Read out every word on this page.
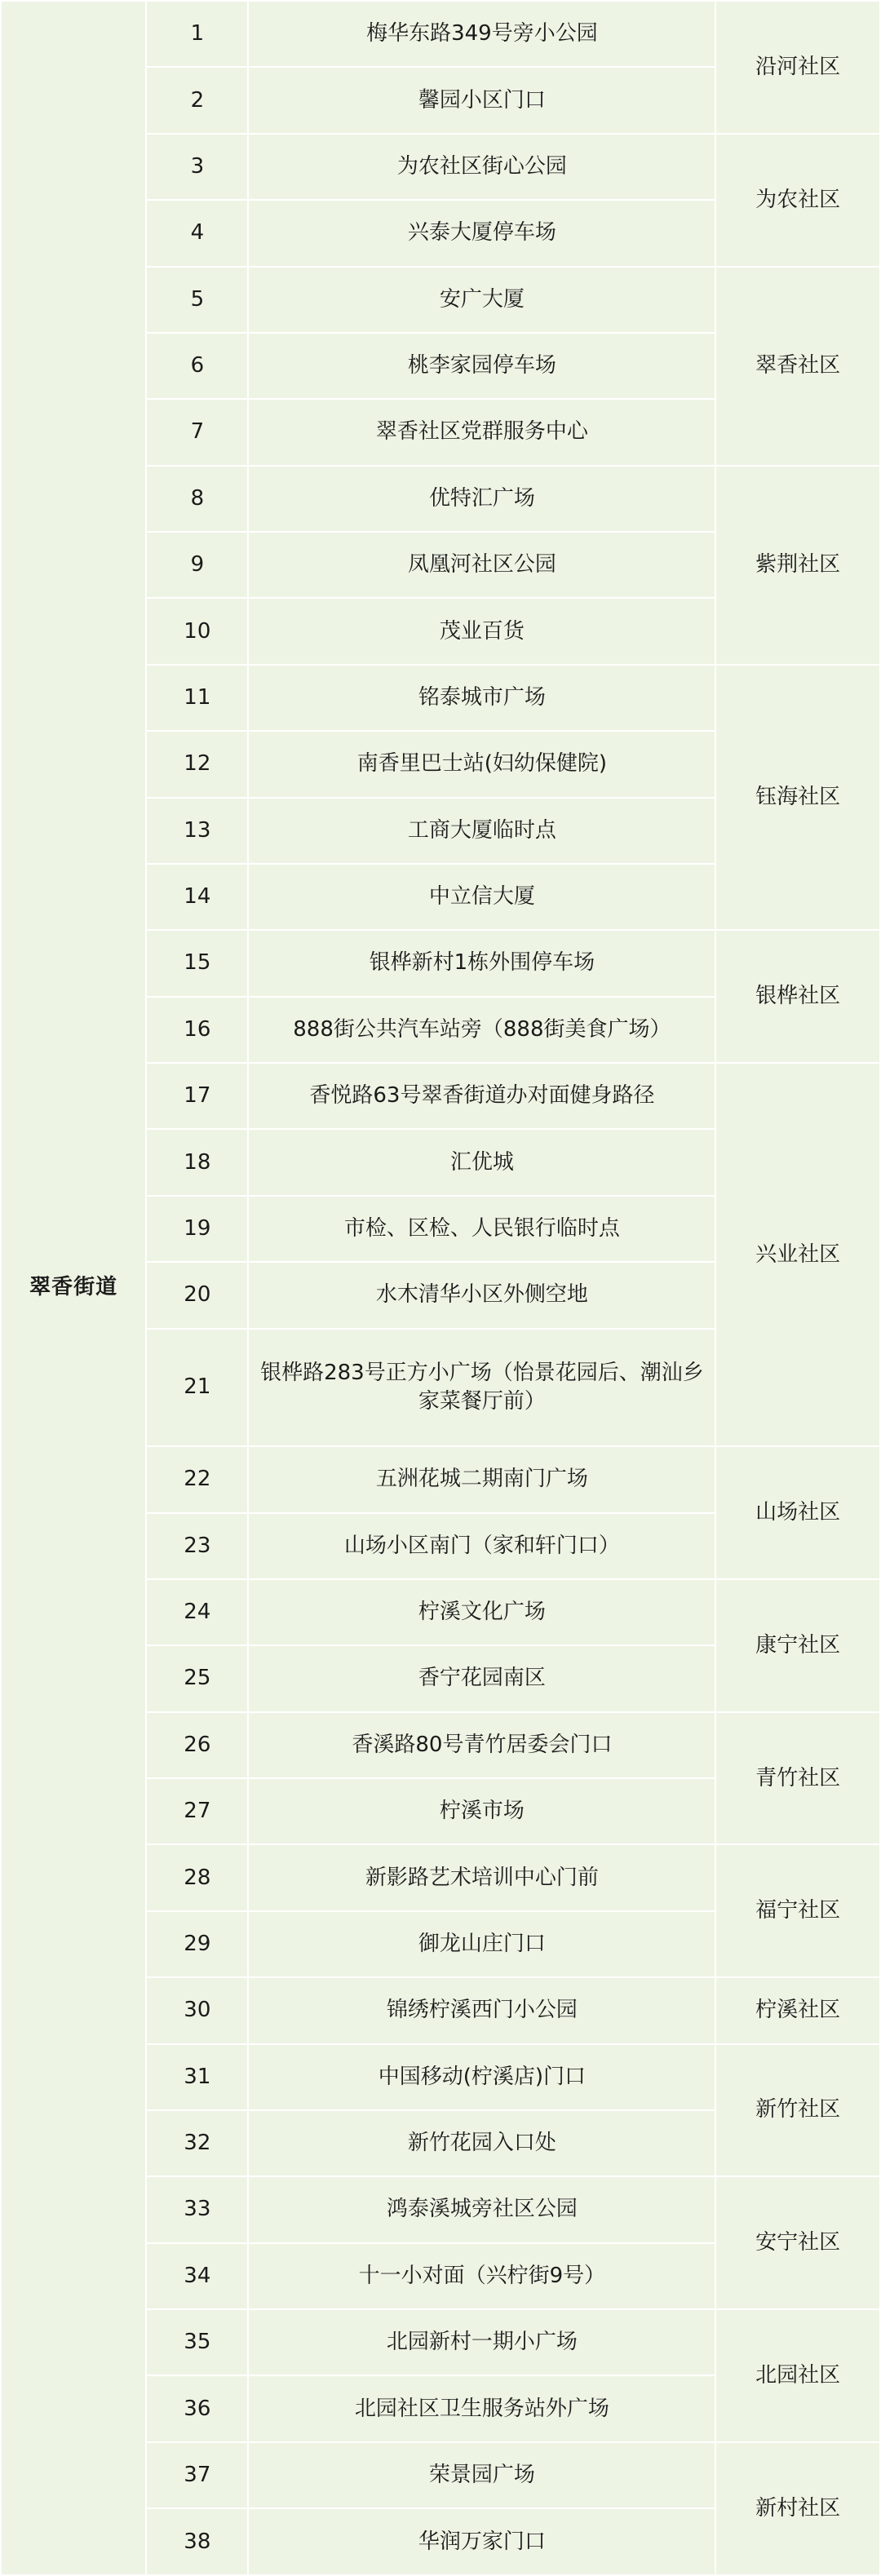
翠香街道	1	梅华东路349号旁小公园	沿河社区
	2	馨园小区门口	
	3	为农社区街心公园	为农社区
	4	兴泰大厦停车场	
	5	安广大厦	翠香社区
	6	桃李家园停车场	
	7	翠香社区党群服务中心	
	8	优特汇广场	紫荆社区
	9	凤凰河社区公园	
	10	茂业百货	
	11	铭泰城市广场	钰海社区
	12	南香里巴士站(妇幼保健院)	
	13	工商大厦临时点	
	14	中立信大厦	
	15	银桦新村1栋外围停车场	银桦社区
	16	888街公共汽车站旁（888街美食广场）	
	17	香悦路63号翠香街道办对面健身路径	兴业社区
	18	汇优城	
	19	市检、区检、人民银行临时点	
	20	水木清华小区外侧空地	
	21	银桦路283号正方小广场（怡景花园后、潮汕乡家菜餐厅前）	
	22	五洲花城二期南门广场	山场社区
	23	山场小区南门（家和轩门口）	
	24	柠溪文化广场	康宁社区
	25	香宁花园南区	
	26	香溪路80号青竹居委会门口	青竹社区
	27	柠溪市场	
	28	新影路艺术培训中心门前	福宁社区
	29	御龙山庄门口	
	30	锦绣柠溪西门小公园	柠溪社区
	31	中国移动(柠溪店)门口	新竹社区
	32	新竹花园入口处	
	33	鸿泰溪城旁社区公园	安宁社区
	34	十一小对面（兴柠街9号）	
	35	北园新村一期小广场	北园社区
	36	北园社区卫生服务站外广场	
	37	荣景园广场	新村社区
	38	华润万家门口	
